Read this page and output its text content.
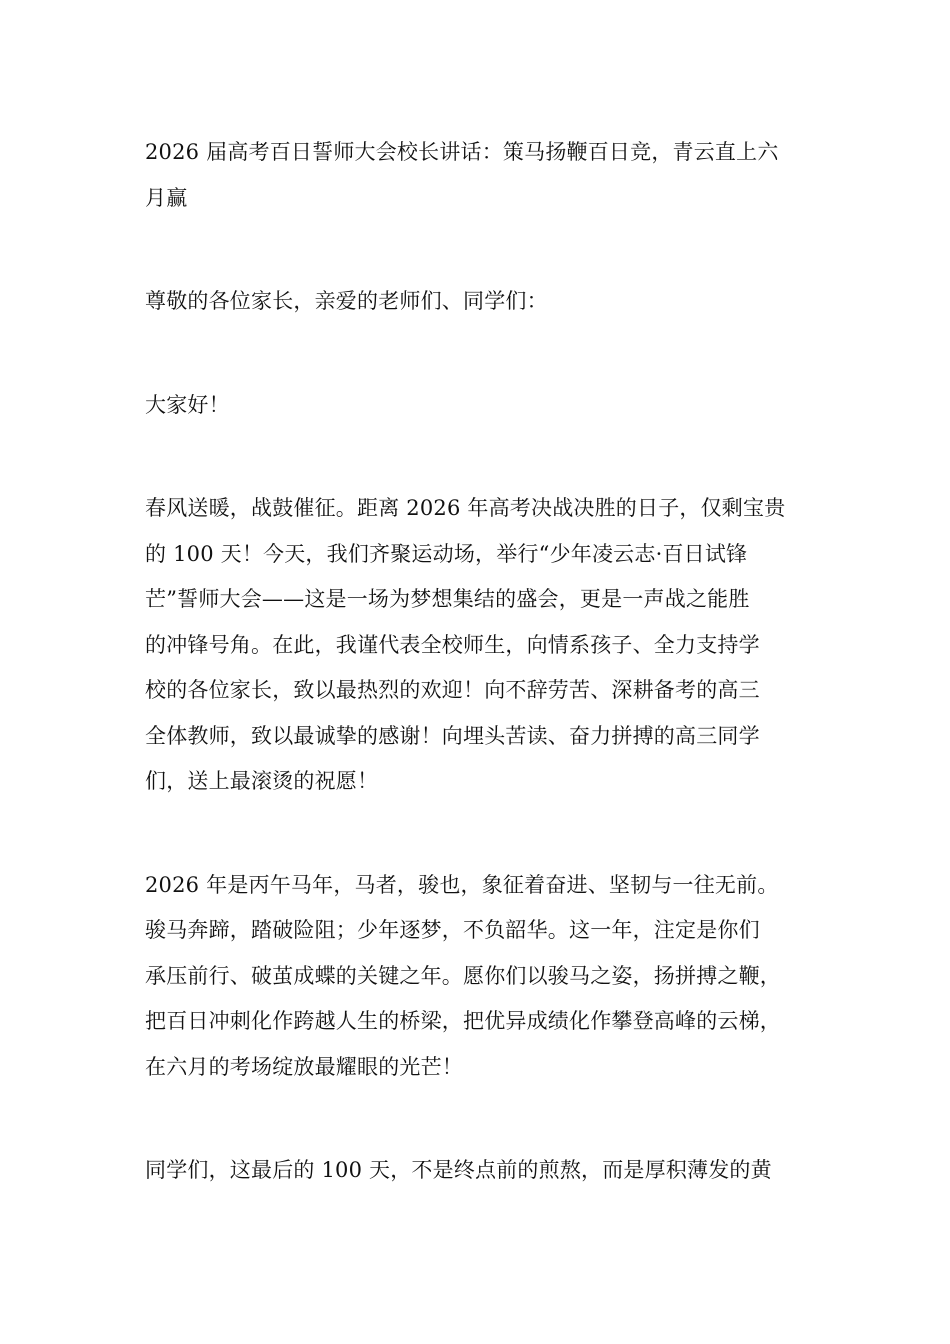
2026 届高考百日誓师大会校长讲话：策马扬鞭百日竞，青云直上六
月赢

尊敬的各位家长，亲爱的老师们、同学们：

大家好！

春风送暖，战鼓催征。距离 2026 年高考决战决胜的日子，仅剩宝贵
的 100 天！今天，我们齐聚运动场，举行“少年凌云志·百日试锋
芒”誓师大会——这是一场为梦想集结的盛会，更是一声战之能胜
的冲锋号角。在此，我谨代表全校师生，向情系孩子、全力支持学
校的各位家长，致以最热烈的欢迎！向不辞劳苦、深耕备考的高三
全体教师，致以最诚挚的感谢！向埋头苦读、奋力拼搏的高三同学
们，送上最滚烫的祝愿！

2026 年是丙午马年，马者，骏也，象征着奋进、坚韧与一往无前。
骏马奔蹄，踏破险阻；少年逐梦，不负韶华。这一年，注定是你们
承压前行、破茧成蝶的关键之年。愿你们以骏马之姿，扬拼搏之鞭，
把百日冲刺化作跨越人生的桥梁，把优异成绩化作攀登高峰的云梯，
在六月的考场绽放最耀眼的光芒！

同学们，这最后的 100 天，不是终点前的煎熬，而是厚积薄发的黄
